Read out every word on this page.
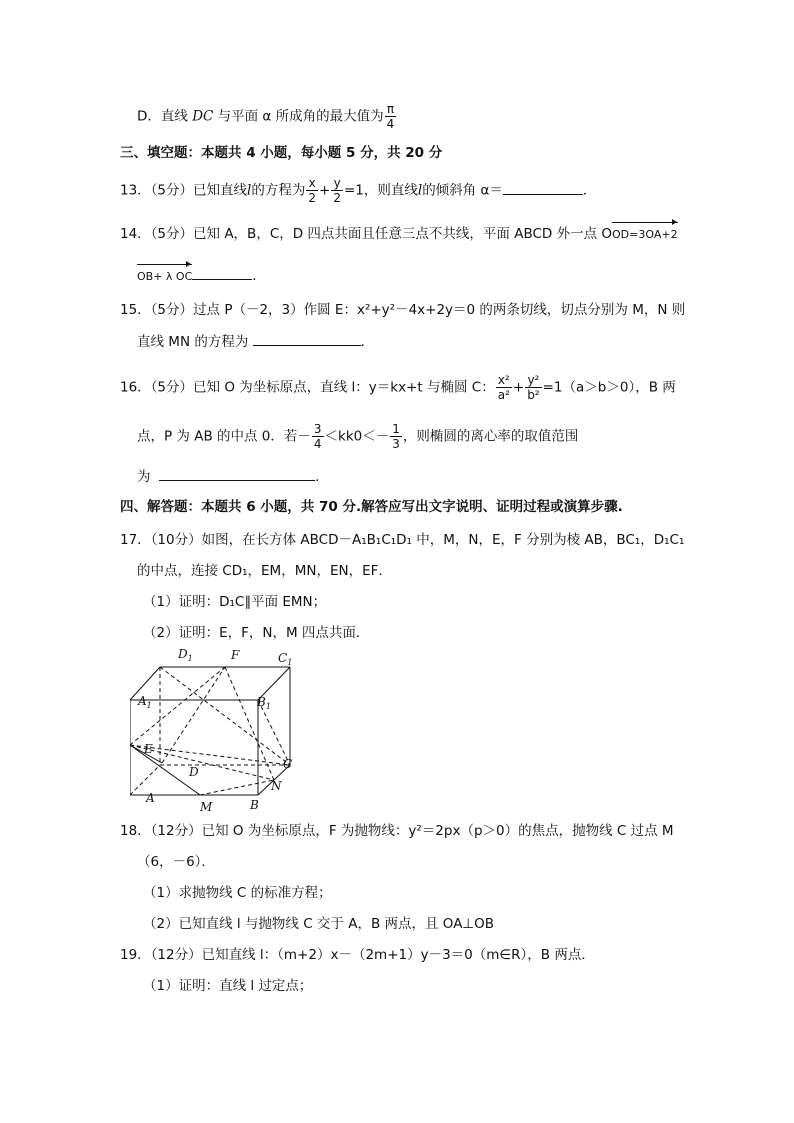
D．直线 DC 与平面 α 所成角的最大值为 $\frac{\pi}{4}$
三、填空题：本题共 4 小题，每小题 5 分，共 20 分
13．（5分）已知直线l的方程为 $\frac{x}{2} + \frac{y}{2} =1$，则直线l的倾斜角 α＝	．
14．（5分）已知 A，B，C，D 四点共面且任意三点不共线，平面 ABCD 外一点 OOD=3OA+2
OB+ λ OC	．
15．（5分）过点 P（－2，3）作圆 E：x²+y²－4x+2y＝0 的两条切线，切点分别为 M，N 则
直线 MN 的方程为	．
16．（5分）已知 O 为坐标原点，直线 l：y＝kx+t 与椭圆 C： $\frac{\text{x²}}{\text{a²}} + \frac{\text{y²}}{\text{b²}} =1(a>b>0)$，B 两
点，P 为 AB 的中点 0．若－ $\frac{3}{4} <kk0<- \frac{1}{3}$ ，则椭圆的离心率的取值范围
为	．
四、解答题：本题共 6 小题，共 70 分.解答应写出文字说明、证明过程或演算步骤.
17．（10分）如图，在长方体 ABCD－A₁B₁C₁D₁ 中，M，N，E，F 分别为棱 AB，BC₁，D₁C₁
的中点，连接 CD₁，EM，MN，EN，EF．
（1）证明：D₁C∥平面 EMN；
（2）证明：E，F，N，M 四点共面．
$D_1$	F	$C_1$
$A_1$	$B_1$
E
D
C
A
M	B
N
18．（12分）已知 O 为坐标原点，F 为抛物线：y²＝2px（p＞0）的焦点，抛物线 C 过点 M
（6，－6）．
（1）求抛物线 C 的标准方程；
（2）已知直线 l 与抛物线 C 交于 A，B 两点，且 OA⊥OB
19．（12分）已知直线 l：（m+2）x－（2m+1）y－3＝0（m∈R），B 两点．
（1）证明：直线 l 过定点；
